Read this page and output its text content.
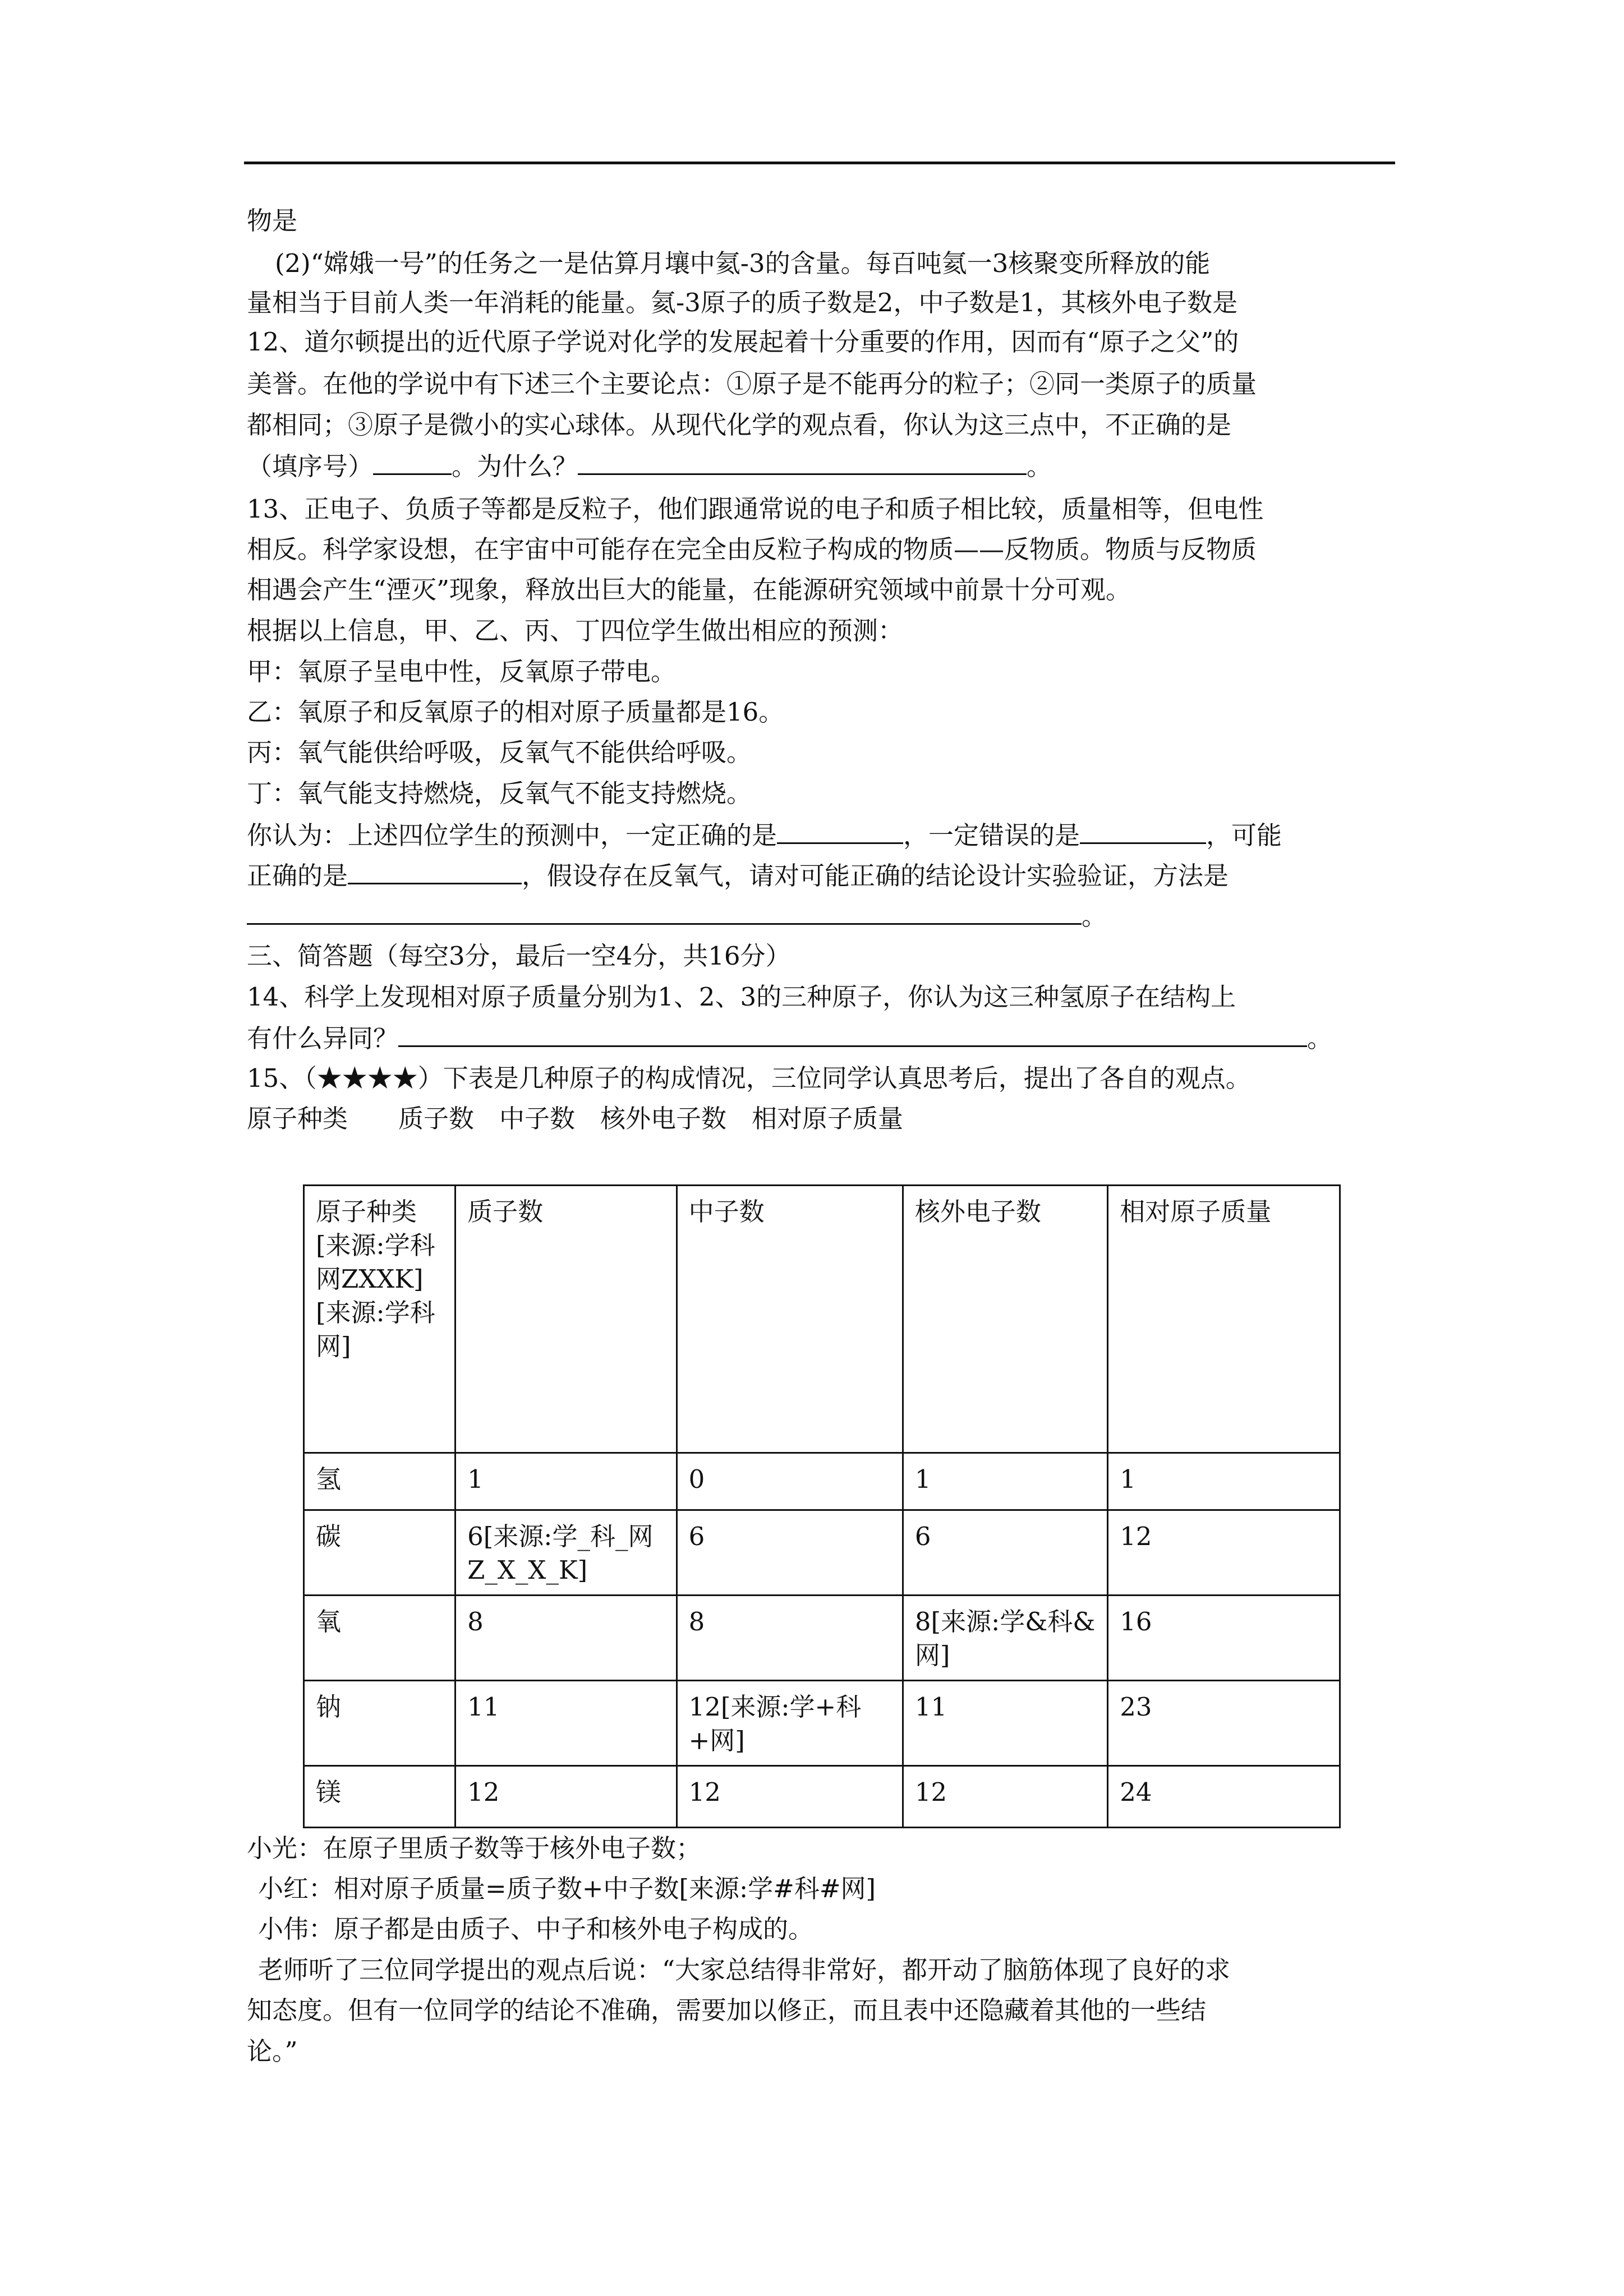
物是
(2)“嫦娥一号”的任务之一是估算月壤中氦-3的含量。每百吨氦一3核聚变所释放的能
量相当于目前人类一年消耗的能量。氦-3原子的质子数是2，中子数是1，其核外电子数是
12、道尔顿提出的近代原子学说对化学的发展起着十分重要的作用，因而有“原子之父”的
美誉。在他的学说中有下述三个主要论点：①原子是不能再分的粒子；②同一类原子的质量
都相同；③原子是微小的实心球体。从现代化学的观点看，你认为这三点中，不正确的是
（填序号）	。为什么？	。
13、正电子、负质子等都是反粒子，他们跟通常说的电子和质子相比较，质量相等，但电性
相反。科学家设想，在宇宙中可能存在完全由反粒子构成的物质——反物质。物质与反物质
相遇会产生“湮灭”现象，释放出巨大的能量，在能源研究领域中前景十分可观。
根据以上信息，甲、乙、丙、丁四位学生做出相应的预测：
甲：氧原子呈电中性，反氧原子带电。
乙：氧原子和反氧原子的相对原子质量都是16。
丙：氧气能供给呼吸，反氧气不能供给呼吸。
丁：氧气能支持燃烧，反氧气不能支持燃烧。
你认为：上述四位学生的预测中，一定正确的是	，一定错误的是	，可能
正确的是	，假设存在反氧气，请对可能正确的结论设计实验验证，方法是
。
三、简答题（每空3分，最后一空4分，共16分）
14、科学上发现相对原子质量分别为1、2、3的三种原子，你认为这三种氢原子在结构上
有什么异同？	。
15、（★★★★）下表是几种原子的构成情况，三位同学认真思考后，提出了各自的观点。
原子种类　　质子数　中子数　核外电子数　相对原子质量
原子种类[来源:学科网ZXXK][来源:学科网]	质子数	中子数	核外电子数	相对原子质量
氢	1	0	1	1
碳	6[来源:学_科_网Z_X_X_K]	6	6	12
氧	8	8	8[来源:学&科&网]	16
钠	11	12[来源:学+科+网]	11	23
镁	12	12	12	24
小光：在原子里质子数等于核外电子数；
小红：相对原子质量=质子数+中子数[来源:学#科#网]
小伟：原子都是由质子、中子和核外电子构成的。
老师听了三位同学提出的观点后说：“大家总结得非常好，都开动了脑筋体现了良好的求
知态度。但有一位同学的结论不准确，需要加以修正，而且表中还隐藏着其他的一些结
论。”
